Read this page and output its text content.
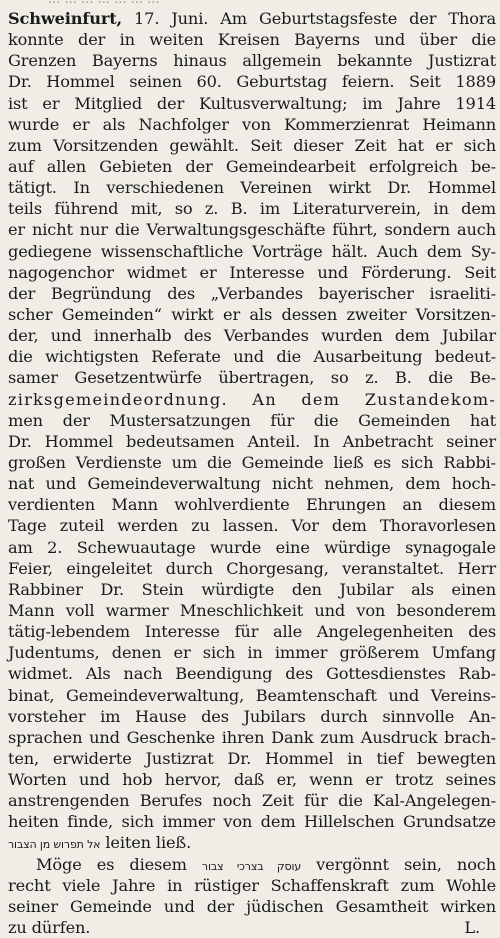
Schweinfurt, 17. Juni. Am Geburtstagsfeste der Thora
konnte der in weiten Kreisen Bayerns und über die
Grenzen Bayerns hinaus allgemein bekannte Justizrat
Dr. Hommel seinen 60. Geburtstag feiern. Seit 1889
ist er Mitglied der Kultusverwaltung; im Jahre 1914
wurde er als Nachfolger von Kommerzienrat Heimann
zum Vorsitzenden gewählt. Seit dieser Zeit hat er sich
auf allen Gebieten der Gemeindearbeit erfolgreich be-
tätigt. In verschiedenen Vereinen wirkt Dr. Hommel
teils führend mit, so z. B. im Literaturverein, in dem
er nicht nur die Verwaltungsgeschäfte führt, sondern auch
gediegene wissenschaftliche Vorträge hält. Auch dem Sy-
nagogenchor widmet er Interesse und Förderung. Seit
der Begründung des „Verbandes bayerischer israeliti-
scher Gemeinden“ wirkt er als dessen zweiter Vorsitzen-
der, und innerhalb des Verbandes wurden dem Jubilar
die wichtigsten Referate und die Ausarbeitung bedeut-
samer Gesetzentwürfe übertragen, so z. B. die Be-
zirksgemeindeordnung. An dem Zustandekom-
men der Mustersatzungen für die Gemeinden hat
Dr. Hommel bedeutsamen Anteil. In Anbetracht seiner
großen Verdienste um die Gemeinde ließ es sich Rabbi-
nat und Gemeindeverwaltung nicht nehmen, dem hoch-
verdienten Mann wohlverdiente Ehrungen an diesem
Tage zuteil werden zu lassen. Vor dem Thoravorlesen
am 2. Schewuautage wurde eine würdige synagogale
Feier, eingeleitet durch Chorgesang, veranstaltet. Herr
Rabbiner Dr. Stein würdigte den Jubilar als einen
Mann voll warmer Mneschlichkeit und von besonderem
tätig-lebendem Interesse für alle Angelegenheiten des
Judentums, denen er sich in immer größerem Umfang
widmet. Als nach Beendigung des Gottesdienstes Rab-
binat, Gemeindeverwaltung, Beamtenschaft und Vereins-
vorsteher im Hause des Jubilars durch sinnvolle An-
sprachen und Geschenke ihren Dank zum Ausdruck brach-
ten, erwiderte Justizrat Dr. Hommel in tief bewegten
Worten und hob hervor, daß er, wenn er trotz seines
anstrengenden Berufes noch Zeit für die Kal-Angelegen-
heiten finde, sich immer von dem Hillelschen Grundsatze
אל תפרוש מן הצבור leiten ließ.
Möge es diesem עוסק בצרכי צבור vergönnt sein, noch
recht viele Jahre in rüstiger Schaffenskraft zum Wohle
seiner Gemeinde und der jüdischen Gesamtheit wirken
zu dürfen.	L.
